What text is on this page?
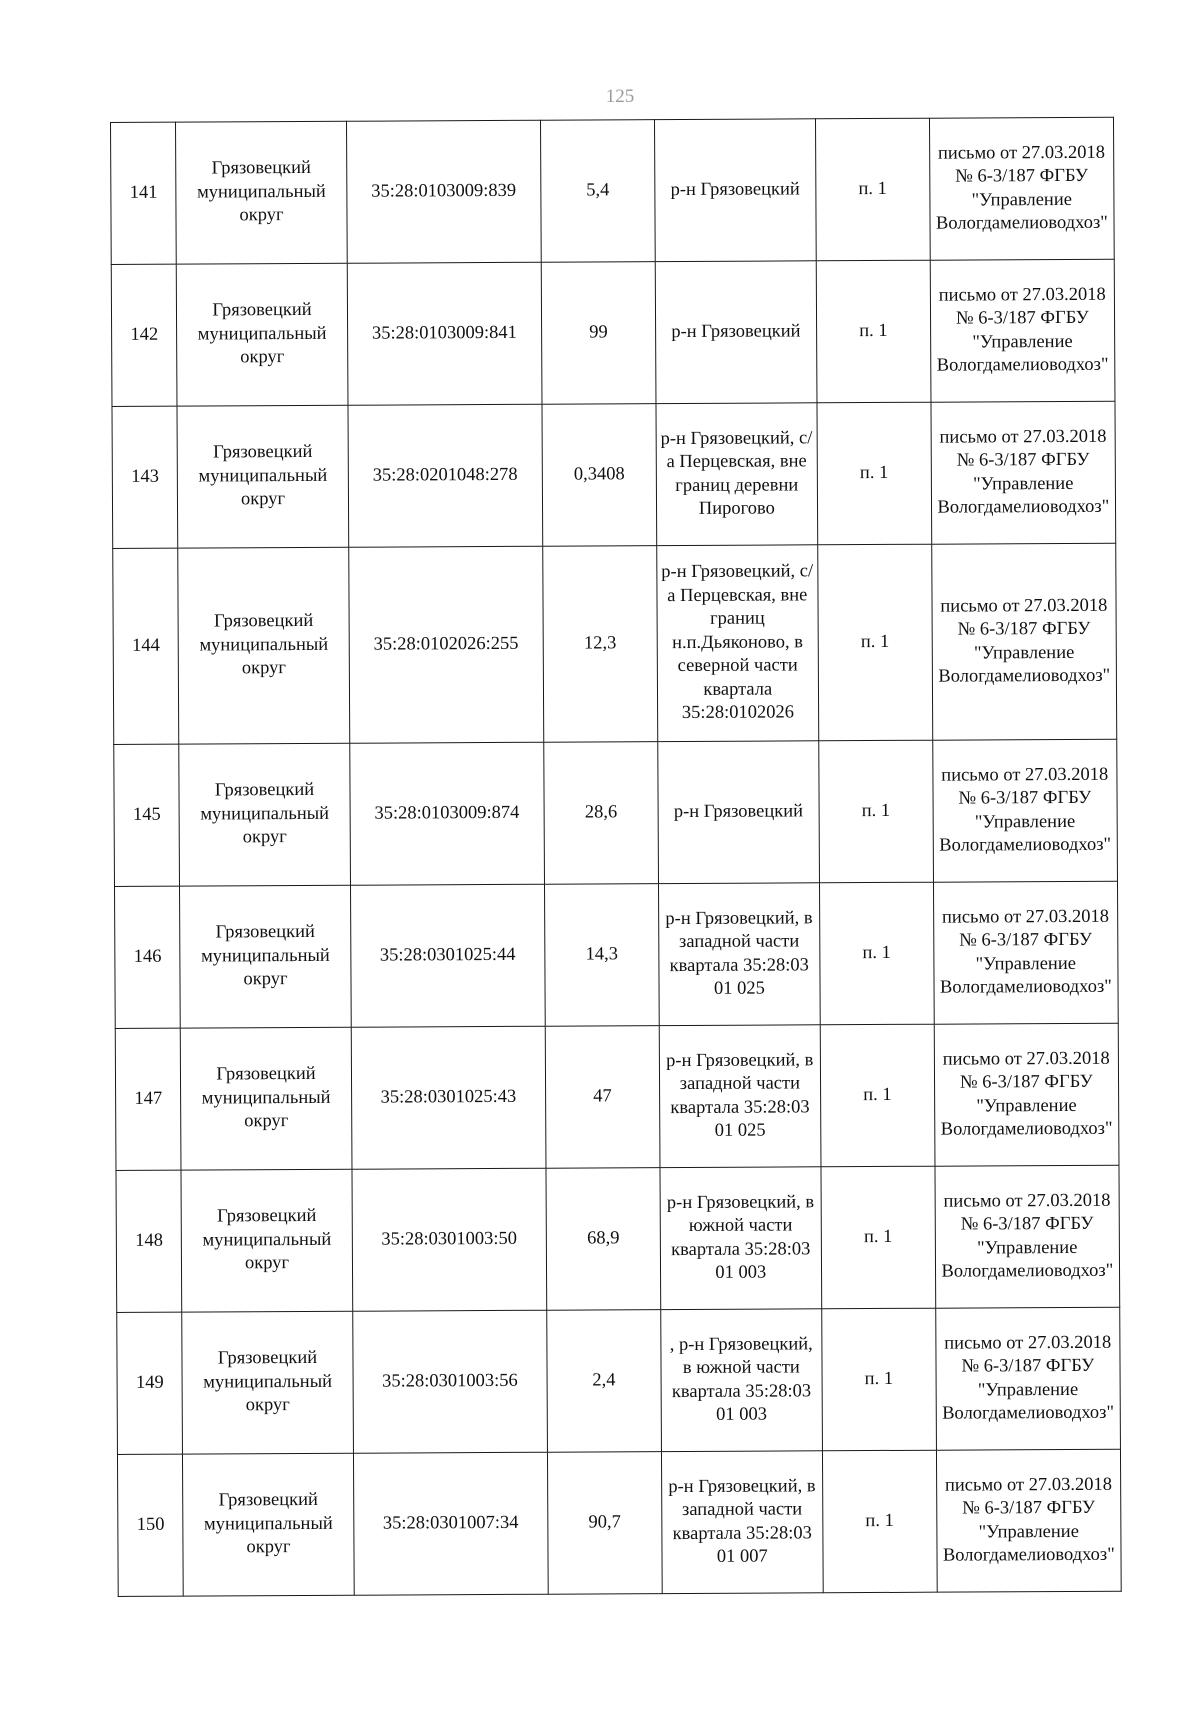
125
141	Грязовецкий муниципальный округ	35:28:0103009:839	5,4	р-н Грязовецкий	п. 1	письмо от 27.03.2018 № 6-3/187 ФГБУ "Управление Вологдамелиоводхоз"
142	Грязовецкий муниципальный округ	35:28:0103009:841	99	р-н Грязовецкий	п. 1	письмо от 27.03.2018 № 6-3/187 ФГБУ "Управление Вологдамелиоводхоз"
143	Грязовецкий муниципальный округ	35:28:0201048:278	0,3408	р-н Грязовецкий, с/а Перцевская, вне границ деревни Пирогово	п. 1	письмо от 27.03.2018 № 6-3/187 ФГБУ "Управление Вологдамелиоводхоз"
144	Грязовецкий муниципальный округ	35:28:0102026:255	12,3	р-н Грязовецкий, с/а Перцевская, вне границ н.п.Дьяконово, в северной части квартала 35:28:0102026	п. 1	письмо от 27.03.2018 № 6-3/187 ФГБУ "Управление Вологдамелиоводхоз"
145	Грязовецкий муниципальный округ	35:28:0103009:874	28,6	р-н Грязовецкий	п. 1	письмо от 27.03.2018 № 6-3/187 ФГБУ "Управление Вологдамелиоводхоз"
146	Грязовецкий муниципальный округ	35:28:0301025:44	14,3	р-н Грязовецкий, в западной части квартала 35:28:03 01 025	п. 1	письмо от 27.03.2018 № 6-3/187 ФГБУ "Управление Вологдамелиоводхоз"
147	Грязовецкий муниципальный округ	35:28:0301025:43	47	р-н Грязовецкий, в западной части квартала 35:28:03 01 025	п. 1	письмо от 27.03.2018 № 6-3/187 ФГБУ "Управление Вологдамелиоводхоз"
148	Грязовецкий муниципальный округ	35:28:0301003:50	68,9	р-н Грязовецкий, в южной части квартала 35:28:03 01 003	п. 1	письмо от 27.03.2018 № 6-3/187 ФГБУ "Управление Вологдамелиоводхоз"
149	Грязовецкий муниципальный округ	35:28:0301003:56	2,4	, р-н Грязовецкий, в южной части квартала 35:28:03 01 003	п. 1	письмо от 27.03.2018 № 6-3/187 ФГБУ "Управление Вологдамелиоводхоз"
150	Грязовецкий муниципальный округ	35:28:0301007:34	90,7	р-н Грязовецкий, в западной части квартала 35:28:03 01 007	п. 1	письмо от 27.03.2018 № 6-3/187 ФГБУ "Управление Вологдамелиоводхоз"
